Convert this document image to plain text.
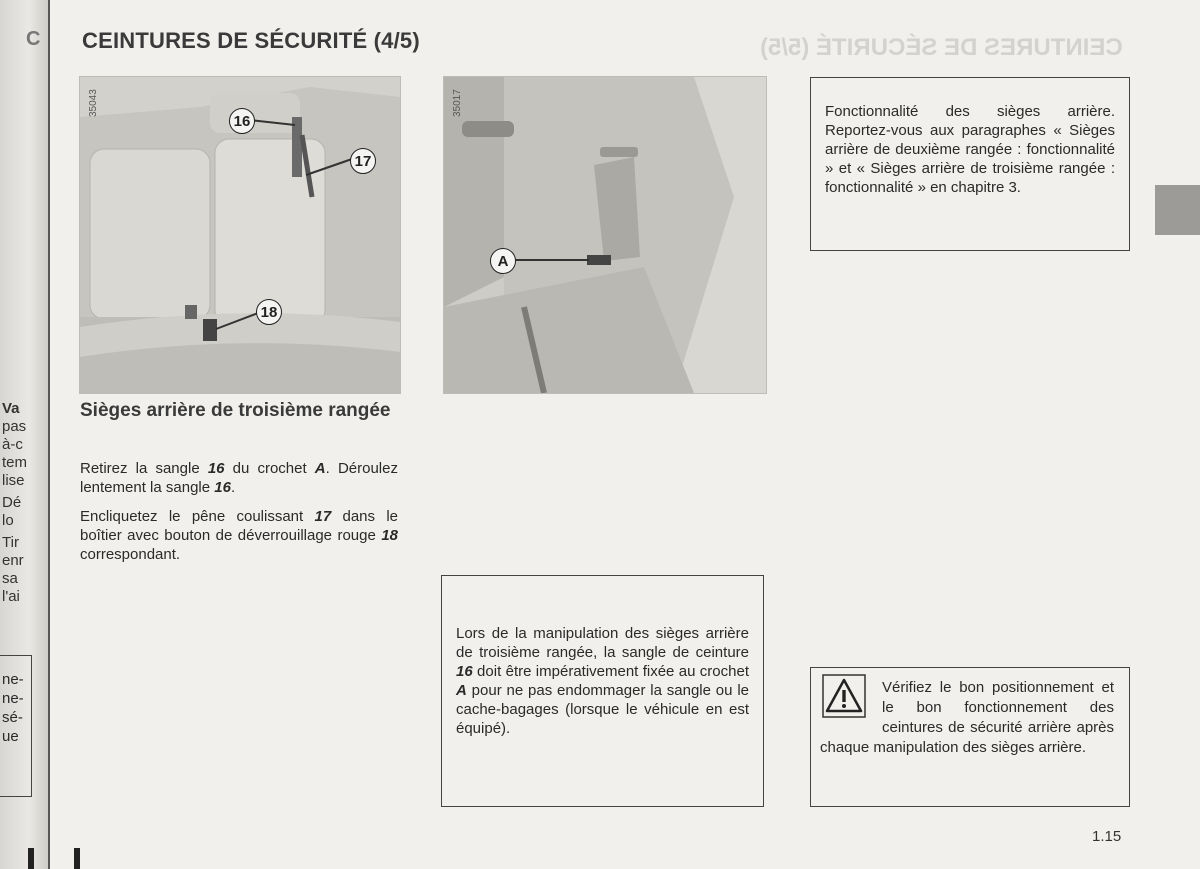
C
Va
pas
à-c
tem
lise
Dé
lo
Tir
enr
sa
l'ai
ne-
ne-
sé-
ue
CEINTURES DE SÉCURITÉ (5/5)
CEINTURES DE SÉCURITÉ (4/5)
35043
16
17
18
35017
A

Fonctionnalité des sièges arrière. Reportez-vous aux paragraphes « Sièges arrière de deuxième rangée : fonctionnalité » et « Sièges arrière de troisième rangée : fonctionnalité » en chapitre 3.

Sièges arrière de troisième rangée

Retirez la sangle 16 du crochet A. Déroulez lentement la sangle 16.

Encliquetez le pêne coulissant 17 dans le boîtier avec bouton de déverrouillage rouge 18 correspondant.

Lors de la manipulation des sièges arrière de troisième rangée, la sangle de ceinture 16 doit être impérativement fixée au crochet A pour ne pas endommager la sangle ou le cache-bagages (lorsque le véhicule en est équipé).

Vérifiez le bon positionnement et le bon fonctionnement des ceintures de sécurité arrière après chaque manipulation des sièges arrière.

1.15
